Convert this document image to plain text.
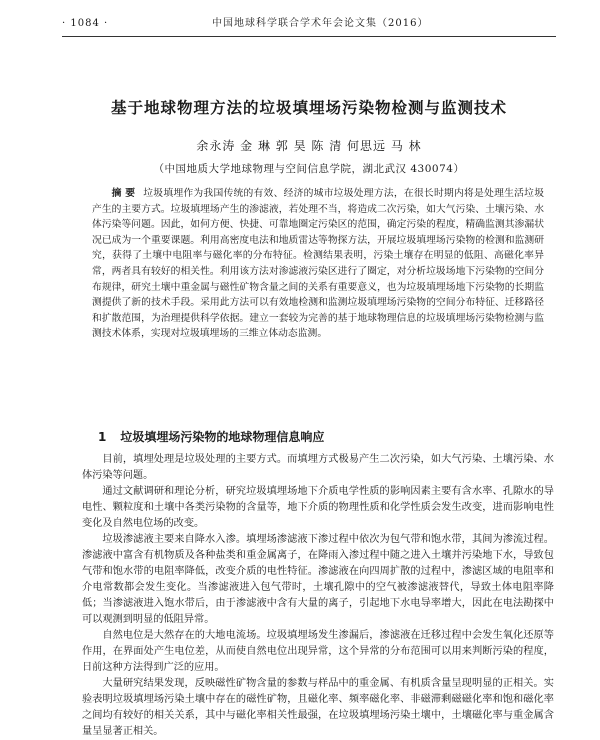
· 1084 ·	中国地球科学联合学术年会论文集（2016）
基于地球物理方法的垃圾填埋场污染物检测与监测技术
余永涛 金 琳 郭 昊 陈 清 何思远 马 林
（中国地质大学地球物理与空间信息学院，湖北武汉 430074）

摘 要 垃圾填埋作为我国传统的有效、经济的城市垃圾处理方法，在很长时期内将是处理生活垃圾产生的主要方式。垃圾填埋场产生的渗滤液，若处理不当，将造成二次污染，如大气污染、土壤污染、水体污染等问题。因此，如何方便、快捷、可靠地圈定污染区的范围，确定污染的程度，精确监测其渗漏状况已成为一个重要课题。利用高密度电法和地质雷达等物探方法，开展垃圾填埋场污染物的检测和监测研究，获得了土壤中电阻率与磁化率的分布特征。检测结果表明，污染土壤存在明显的低阻、高磁化率异常，两者具有较好的相关性。利用该方法对渗滤液污染区进行了圈定，对分析垃圾场地下污染物的空间分布规律，研究土壤中重金属与磁性矿物含量之间的关系有重要意义，也为垃圾填埋场地下污染物的长期监测提供了新的技术手段。采用此方法可以有效地检测和监测垃圾填埋场污染物的空间分布特征、迁移路径和扩散范围，为治理提供科学依据。建立一套较为完善的基于地球物理信息的垃圾填埋场污染物检测与监测技术体系，实现对垃圾填埋场的三维立体动态监测。

1 垃圾填埋场污染物的地球物理信息响应

目前，填埋处理是垃圾处理的主要方式。而填埋方式极易产生二次污染，如大气污染、土壤污染、水体污染等问题。

通过文献调研和理论分析，研究垃圾填埋场地下介质电学性质的影响因素主要有含水率、孔隙水的导电性、颗粒度和土壤中各类污染物的含量等，地下介质的物理性质和化学性质会发生改变，进而影响电性变化及自然电位场的改变。

垃圾渗滤液主要来自降水入渗。填埋场渗滤液下渗过程中依次为包气带和饱水带，其间为渗流过程。渗滤液中富含有机物质及各种盐类和重金属离子，在降雨入渗过程中随之进入土壤并污染地下水，导致包气带和饱水带的电阻率降低，改变介质的电性特征。渗滤液在向四周扩散的过程中，渗滤区域的电阻率和介电常数都会发生变化。当渗滤液进入包气带时，土壤孔隙中的空气被渗滤液替代，导致土体电阻率降低；当渗滤液进入饱水带后，由于渗滤液中含有大量的离子，引起地下水电导率增大，因此在电法勘探中可以观测到明显的低阻异常。

自然电位是大然存在的大地电流场。垃圾填埋场发生渗漏后，渗滤液在迁移过程中会发生氧化还原等作用，在界面处产生电位差，从而使自然电位出现异常，这个异常的分布范围可以用来判断污染的程度，日前这种方法得到广泛的应用。

大量研究结果发现，反映磁性矿物含量的参数与样品中的重金属、有机质含量呈现明显的正相关。实验表明垃圾填埋场污染土壤中存在的磁性矿物，且磁化率、频率磁化率、非磁滞剩磁磁化率和饱和磁化率之间均有较好的相关关系，其中与磁化率相关性最强，在垃圾填埋场污染土壤中，土壤磁化率与重金属含量呈显著正相关。
